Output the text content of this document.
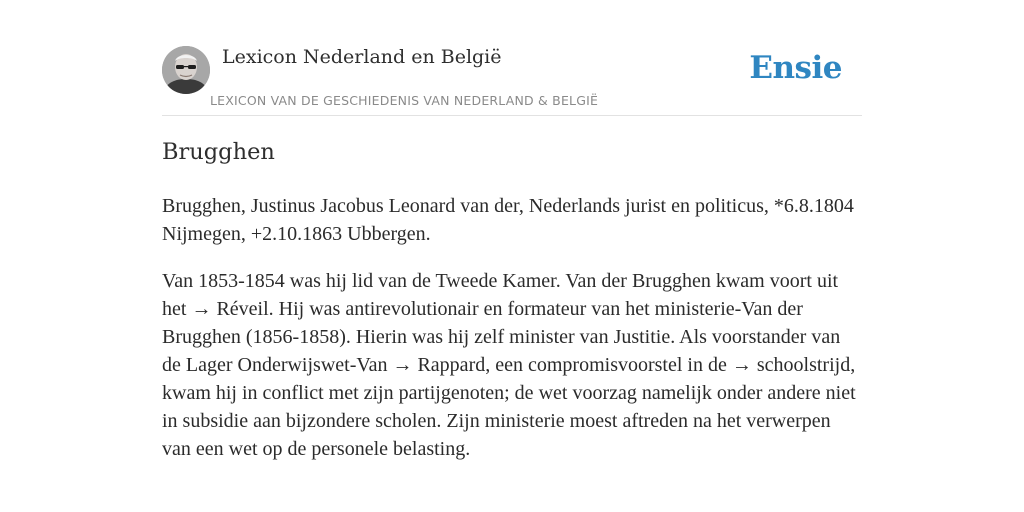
Lexicon Nederland en België
LEXICON VAN DE GESCHIEDENIS VAN NEDERLAND & BELGIË
Ensie
Brugghen

Brugghen, Justinus Jacobus Leonard van der, Nederlands jurist en politicus, *6.8.1804 Nijmegen, +2.10.1863 Ubbergen.

Van 1853-1854 was hij lid van de Tweede Kamer. Van der Brugghen kwam voort uit het → Réveil. Hij was antirevolutionair en formateur van het ministerie-Van der Brugghen (1856-1858). Hierin was hij zelf minister van Justitie. Als voorstander van de Lager Onderwijswet-Van → Rappard, een compromisvoorstel in de → schoolstrijd, kwam hij in conflict met zijn partijgenoten; de wet voorzag namelijk onder andere niet in subsidie aan bijzondere scholen. Zijn ministerie moest aftreden na het verwerpen van een wet op de personele belasting.
